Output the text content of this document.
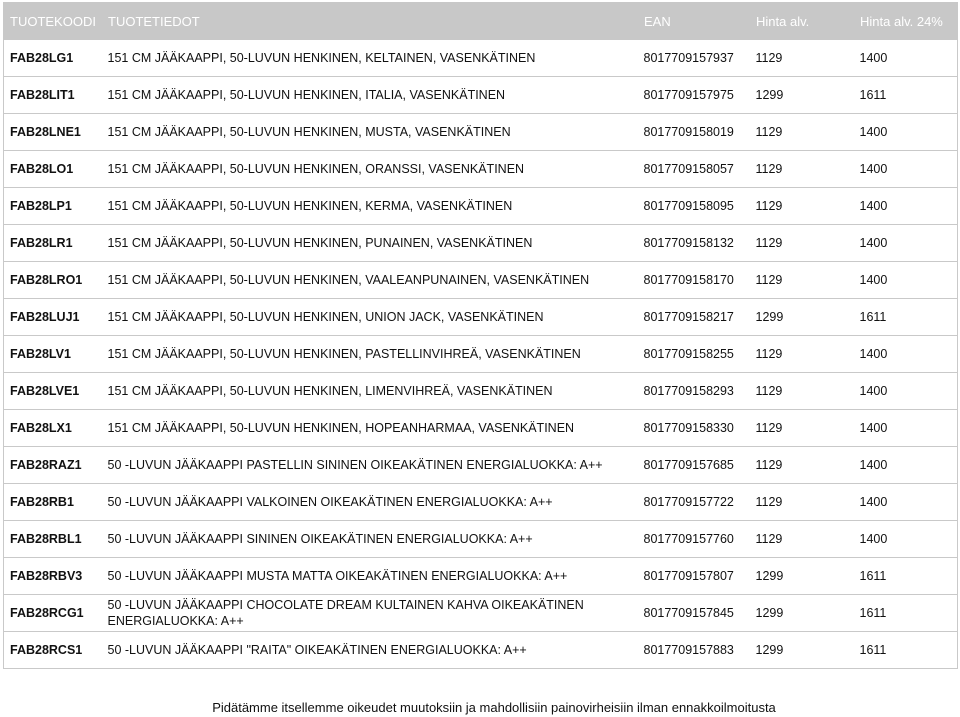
TUOTEKOODI	TUOTETIEDOT	EAN	Hinta alv.	Hinta alv. 24%
FAB28LG1	151 CM JÄÄKAAPPI, 50-LUVUN HENKINEN, KELTAINEN, VASENKÄTINEN	8017709157937	1129	1400
FAB28LIT1	151 CM JÄÄKAAPPI, 50-LUVUN HENKINEN, ITALIA, VASENKÄTINEN	8017709157975	1299	1611
FAB28LNE1	151 CM JÄÄKAAPPI, 50-LUVUN HENKINEN, MUSTA, VASENKÄTINEN	8017709158019	1129	1400
FAB28LO1	151 CM JÄÄKAAPPI, 50-LUVUN HENKINEN, ORANSSI, VASENKÄTINEN	8017709158057	1129	1400
FAB28LP1	151 CM JÄÄKAAPPI, 50-LUVUN HENKINEN, KERMA, VASENKÄTINEN	8017709158095	1129	1400
FAB28LR1	151 CM JÄÄKAAPPI, 50-LUVUN HENKINEN, PUNAINEN, VASENKÄTINEN	8017709158132	1129	1400
FAB28LRO1	151 CM JÄÄKAAPPI, 50-LUVUN HENKINEN, VAALEANPUNAINEN, VASENKÄTINEN	8017709158170	1129	1400
FAB28LUJ1	151 CM JÄÄKAAPPI, 50-LUVUN HENKINEN, UNION JACK, VASENKÄTINEN	8017709158217	1299	1611
FAB28LV1	151 CM JÄÄKAAPPI, 50-LUVUN HENKINEN, PASTELLINVIHREÄ, VASENKÄTINEN	8017709158255	1129	1400
FAB28LVE1	151 CM JÄÄKAAPPI, 50-LUVUN HENKINEN, LIMENVIHREÄ, VASENKÄTINEN	8017709158293	1129	1400
FAB28LX1	151 CM JÄÄKAAPPI, 50-LUVUN HENKINEN, HOPEANHARMAA, VASENKÄTINEN	8017709158330	1129	1400
FAB28RAZ1	50 -LUVUN JÄÄKAAPPI PASTELLIN SININEN OIKEAKÄTINEN ENERGIALUOKKA: A++	8017709157685	1129	1400
FAB28RB1	50 -LUVUN JÄÄKAAPPI VALKOINEN OIKEAKÄTINEN ENERGIALUOKKA: A++	8017709157722	1129	1400
FAB28RBL1	50 -LUVUN JÄÄKAAPPI SININEN OIKEAKÄTINEN ENERGIALUOKKA: A++	8017709157760	1129	1400
FAB28RBV3	50 -LUVUN JÄÄKAAPPI MUSTA MATTA OIKEAKÄTINEN ENERGIALUOKKA: A++	8017709157807	1299	1611
FAB28RCG1	50 -LUVUN JÄÄKAAPPI CHOCOLATE DREAM KULTAINEN KAHVA OIKEAKÄTINEN ENERGIALUOKKA: A++	8017709157845	1299	1611
FAB28RCS1	50 -LUVUN JÄÄKAAPPI "RAITA" OIKEAKÄTINEN ENERGIALUOKKA: A++	8017709157883	1299	1611
Pidätämme itsellemme oikeudet muutoksiin ja mahdollisiin painovirheisiin ilman ennakkoilmoitusta
